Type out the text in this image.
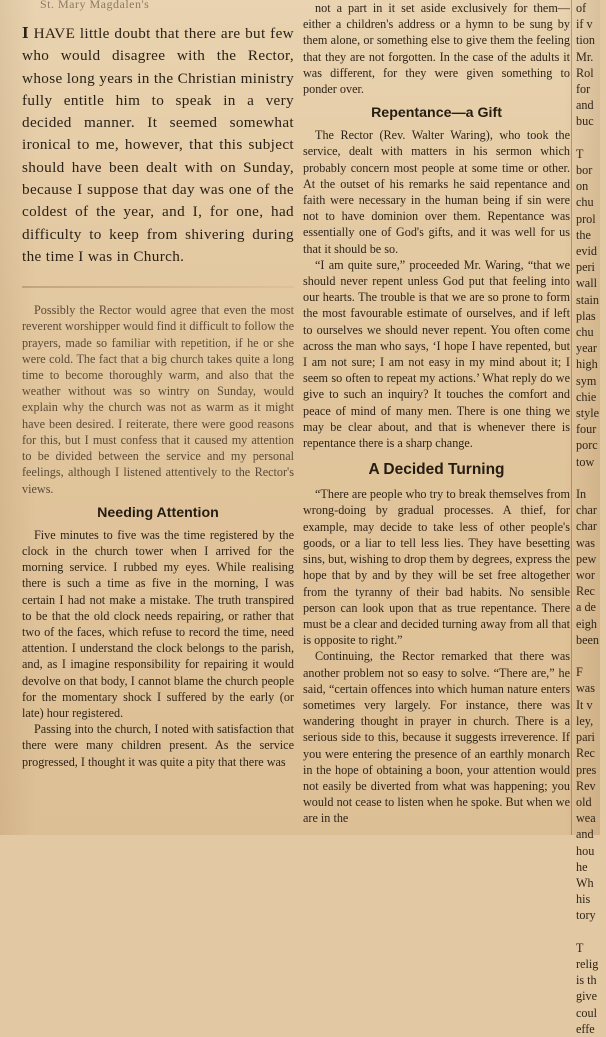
St. Mary Magdalen's

I HAVE little doubt that there are but few who would disagree with the Rector, whose long years in the Christian ministry fully entitle him to speak in a very decided manner. It seemed somewhat ironical to me, however, that this subject should have been dealt with on Sunday, because I suppose that day was one of the coldest of the year, and I, for one, had difficulty to keep from shivering during the time I was in Church.

Possibly the Rector would agree that even the most reverent worshipper would find it difficult to follow the prayers, made so familiar with repetition, if he or she were cold. The fact that a big church takes quite a long time to become thoroughly warm, and also that the weather without was so wintry on Sunday, would explain why the church was not as warm as it might have been desired. I reiterate, there were good reasons for this, but I must confess that it caused my attention to be divided between the service and my personal feelings, although I listened attentively to the Rector's views.

Needing Attention

Five minutes to five was the time registered by the clock in the church tower when I arrived for the morning service. I rubbed my eyes. While realising there is such a time as five in the morning, I was certain I had not make a mistake. The truth transpired to be that the old clock needs repairing, or rather that two of the faces, which refuse to record the time, need attention. I understand the clock belongs to the parish, and, as I imagine responsibility for repairing it would devolve on that body, I cannot blame the church people for the momentary shock I suffered by the early (or late) hour registered.

Passing into the church, I noted with satisfaction that there were many children present. As the service progressed, I thought it was quite a pity that there was

not a part in it set aside exclusively for them—either a children's address or a hymn to be sung by them alone, or something else to give them the feeling that they are not forgotten. In the case of the adults it was different, for they were given something to ponder over.

Repentance—a Gift

The Rector (Rev. Walter Waring), who took the service, dealt with matters in his sermon which probably concern most people at some time or other. At the outset of his remarks he said repentance and faith were necessary in the human being if sin were not to have dominion over them. Repentance was essentially one of God's gifts, and it was well for us that it should be so.

“I am quite sure,” proceeded Mr. Waring, “that we should never repent unless God put that feeling into our hearts. The trouble is that we are so prone to form the most favourable estimate of ourselves, and if left to ourselves we should never repent. You often come across the man who says, ‘I hope I have repented, but I am not sure; I am not easy in my mind about it; I seem so often to repeat my actions.’ What reply do we give to such an inquiry? It touches the comfort and peace of mind of many men. There is one thing we may be clear about, and that is whenever there is repentance there is a sharp change.

A Decided Turning

“There are people who try to break themselves from wrong-doing by gradual processes. A thief, for example, may decide to take less of other people's goods, or a liar to tell less lies. They have besetting sins, but, wishing to drop them by degrees, express the hope that by and by they will be set free altogether from the tyranny of their bad habits. No sensible person can look upon that as true repentance. There must be a clear and decided turning away from all that is opposite to right.”

Continuing, the Rector remarked that there was another problem not so easy to solve. “There are,” he said, “certain offences into which human nature enters sometimes very largely. For instance, there was wandering thought in prayer in church. There is a serious side to this, because it suggests irreverence. If you were entering the presence of an earthly monarch in the hope of obtaining a boon, your attention would not easily be diverted from what was happening; you would not cease to listen when he spoke. But when we are in the

of
if v
tion
Mr.
Rol
for
and
buc
T
bor
on
chu
prol
the
evid
peri
wall
stain
plas
chu
year
high
sym
chie
style
four
porc
tow
In
char
char
was
pew
wor
Rec
a de
eigh
been
F
was
It v
ley,
pari
Rec
pres
Rev
old
wea
and
hou
he
Wh
his
tory
T
relig
is th
give
coul
effe
